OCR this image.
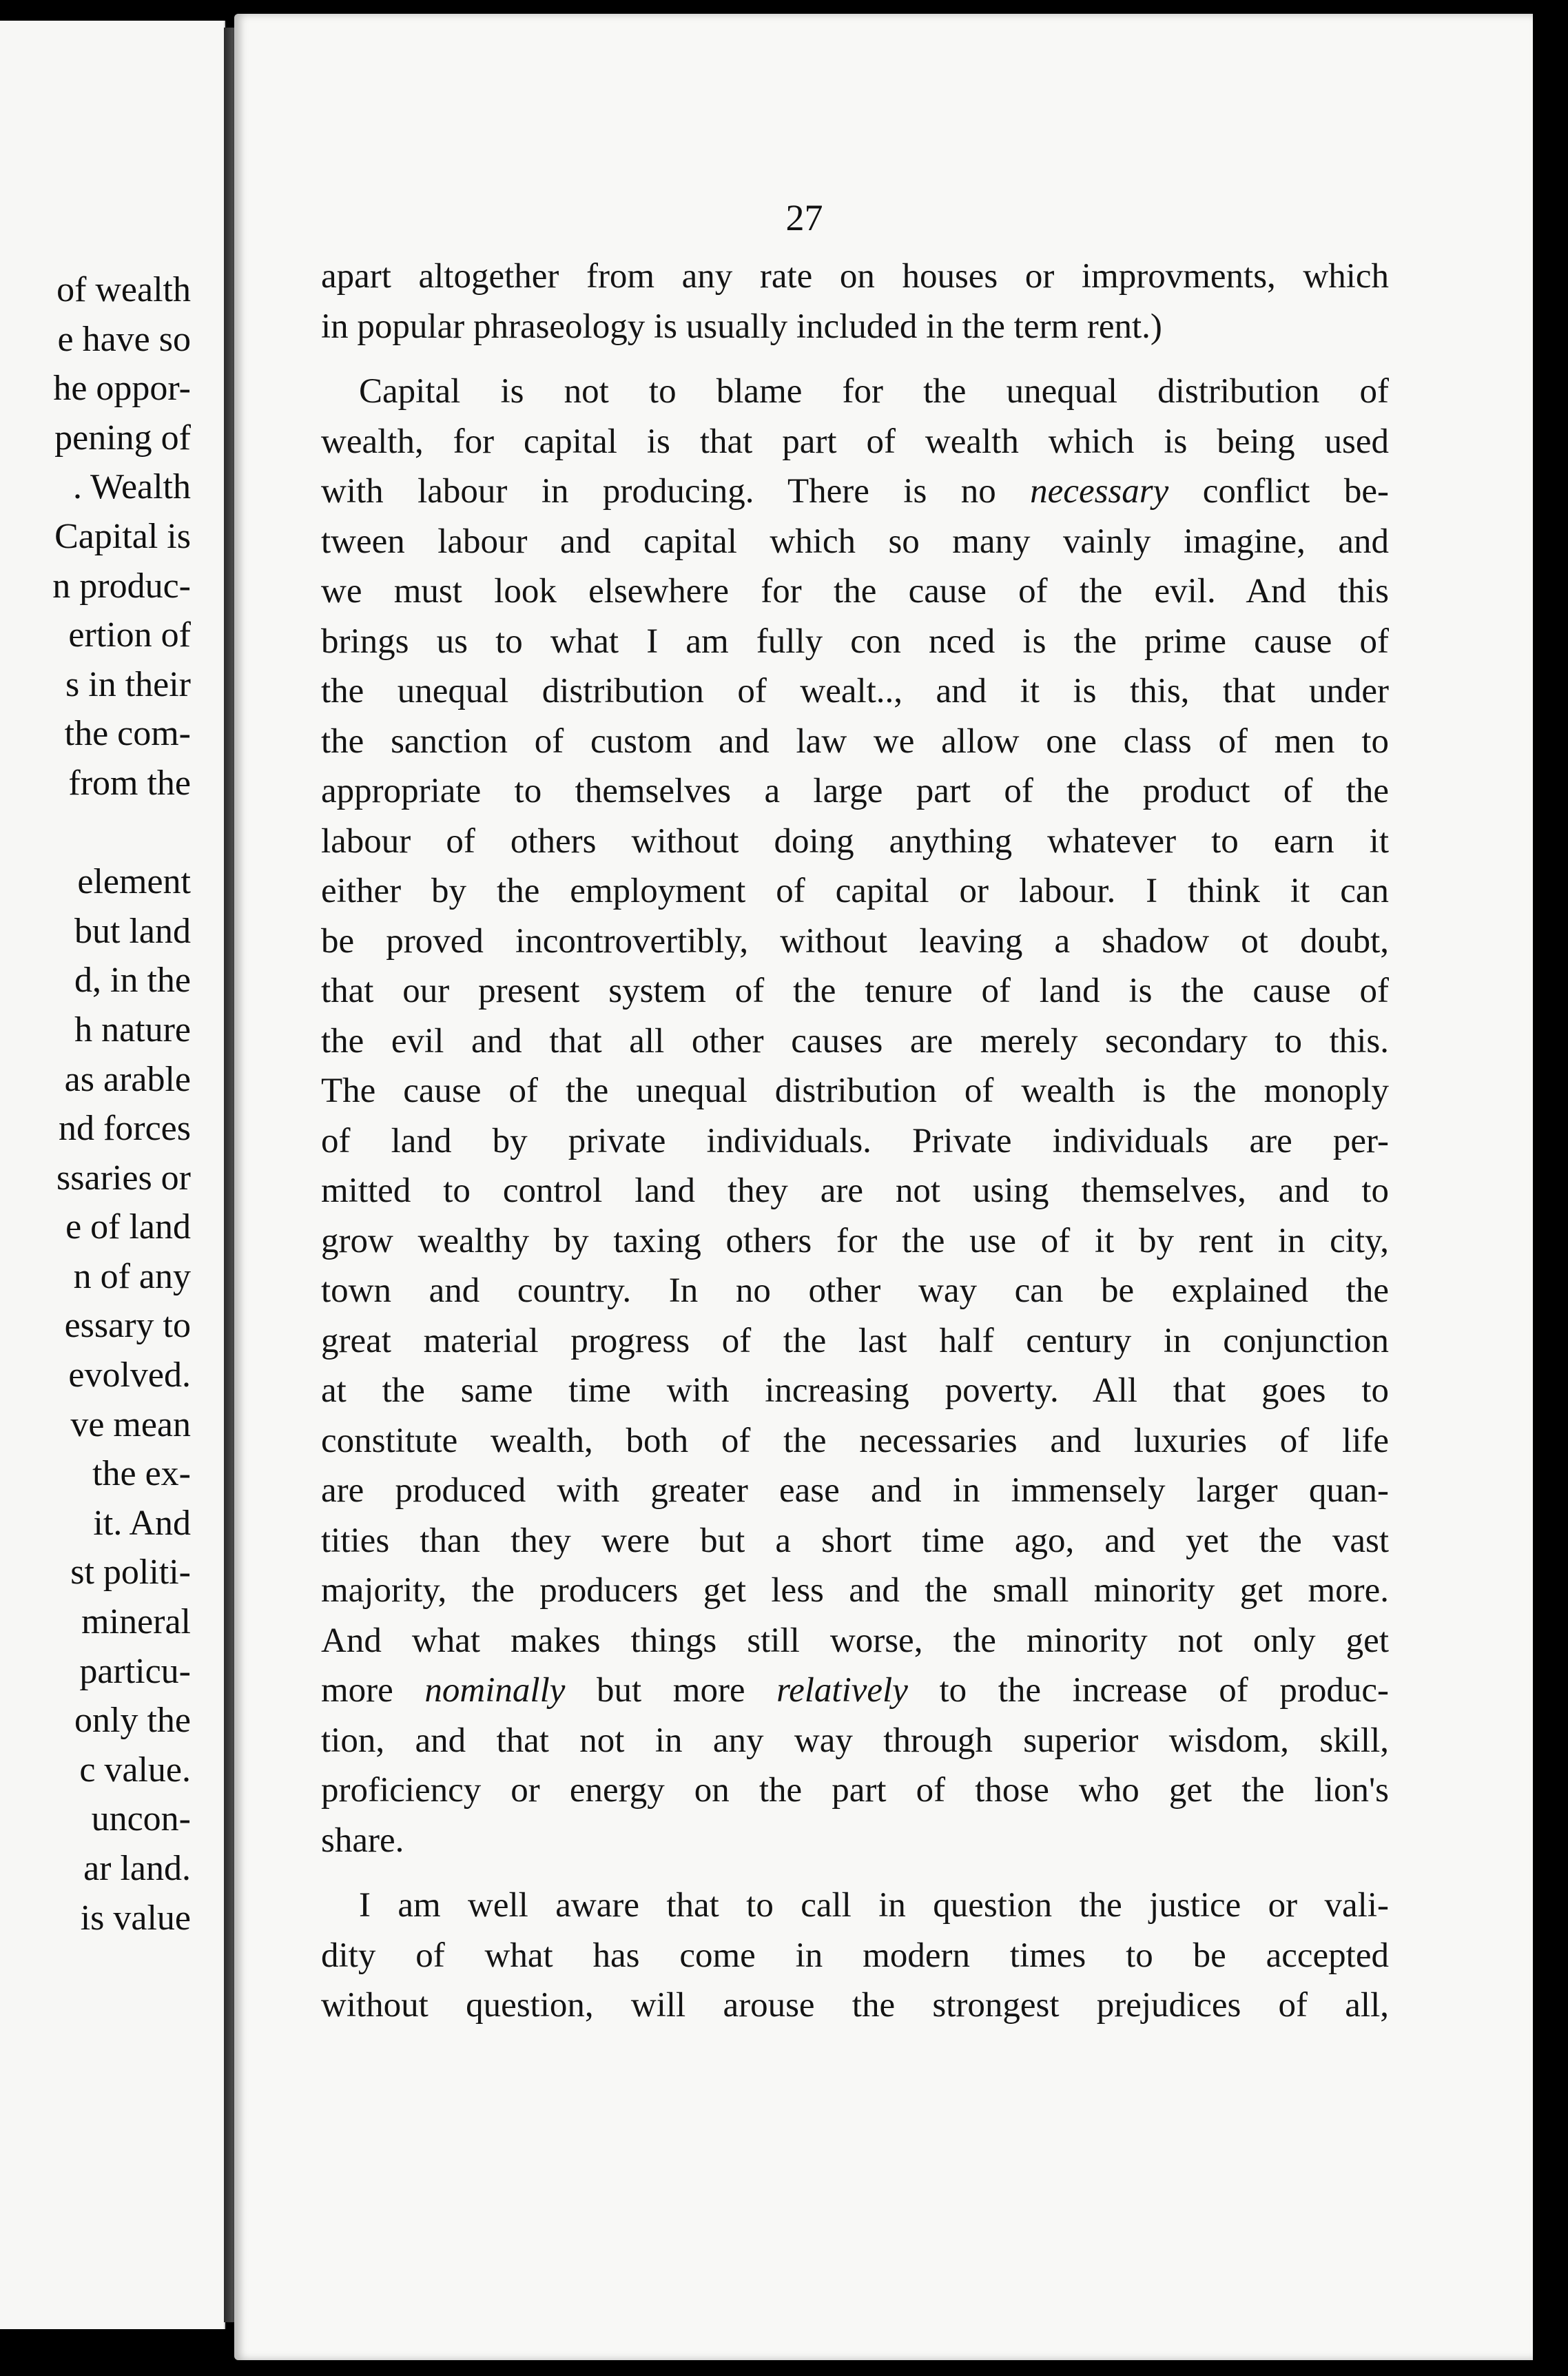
of wealth
e have so
he oppor-
pening of
. Wealth
Capital is
n produc-
ertion of
s in their
the com-
from the
element
but land
d, in the
h nature
as arable
nd forces
ssaries or
e of land
n of any
essary to
evolved.
ve mean
the ex-
it. And
st politi-
mineral
particu-
only the
c value.
uncon-
ar land.
is value
27
apart altogether from any rate on houses or improvments, which
in popular phraseology is usually included in the term rent.)
Capital is not to blame for the unequal distribution of
wealth, for capital is that part of wealth which is being used
with labour in producing. There is no necessary conflict be-
tween labour and capital which so many vainly imagine, and
we must look elsewhere for the cause of the evil. And this
brings us to what I am fully con nced is the prime cause of
the unequal distribution of wealt.., and it is this, that under
the sanction of custom and law we allow one class of men to
appropriate to themselves a large part of the product of the
labour of others without doing anything whatever to earn it
either by the employment of capital or labour. I think it can
be proved incontrovertibly, without leaving a shadow ot doubt,
that our present system of the tenure of land is the cause of
the evil and that all other causes are merely secondary to this.
The cause of the unequal distribution of wealth is the monoply
of land by private individuals. Private individuals are per-
mitted to control land they are not using themselves, and to
grow wealthy by taxing others for the use of it by rent in city,
town and country. In no other way can be explained the
great material progress of the last half century in conjunction
at the same time with increasing poverty. All that goes to
constitute wealth, both of the necessaries and luxuries of life
are produced with greater ease and in immensely larger quan-
tities than they were but a short time ago, and yet the vast
majority, the producers get less and the small minority get more.
And what makes things still worse, the minority not only get
more nominally but more relatively to the increase of produc-
tion, and that not in any way through superior wisdom, skill,
proficiency or energy on the part of those who get the lion's
share.
I am well aware that to call in question the justice or vali-
dity of what has come in modern times to be accepted
without question, will arouse the strongest prejudices of all,
